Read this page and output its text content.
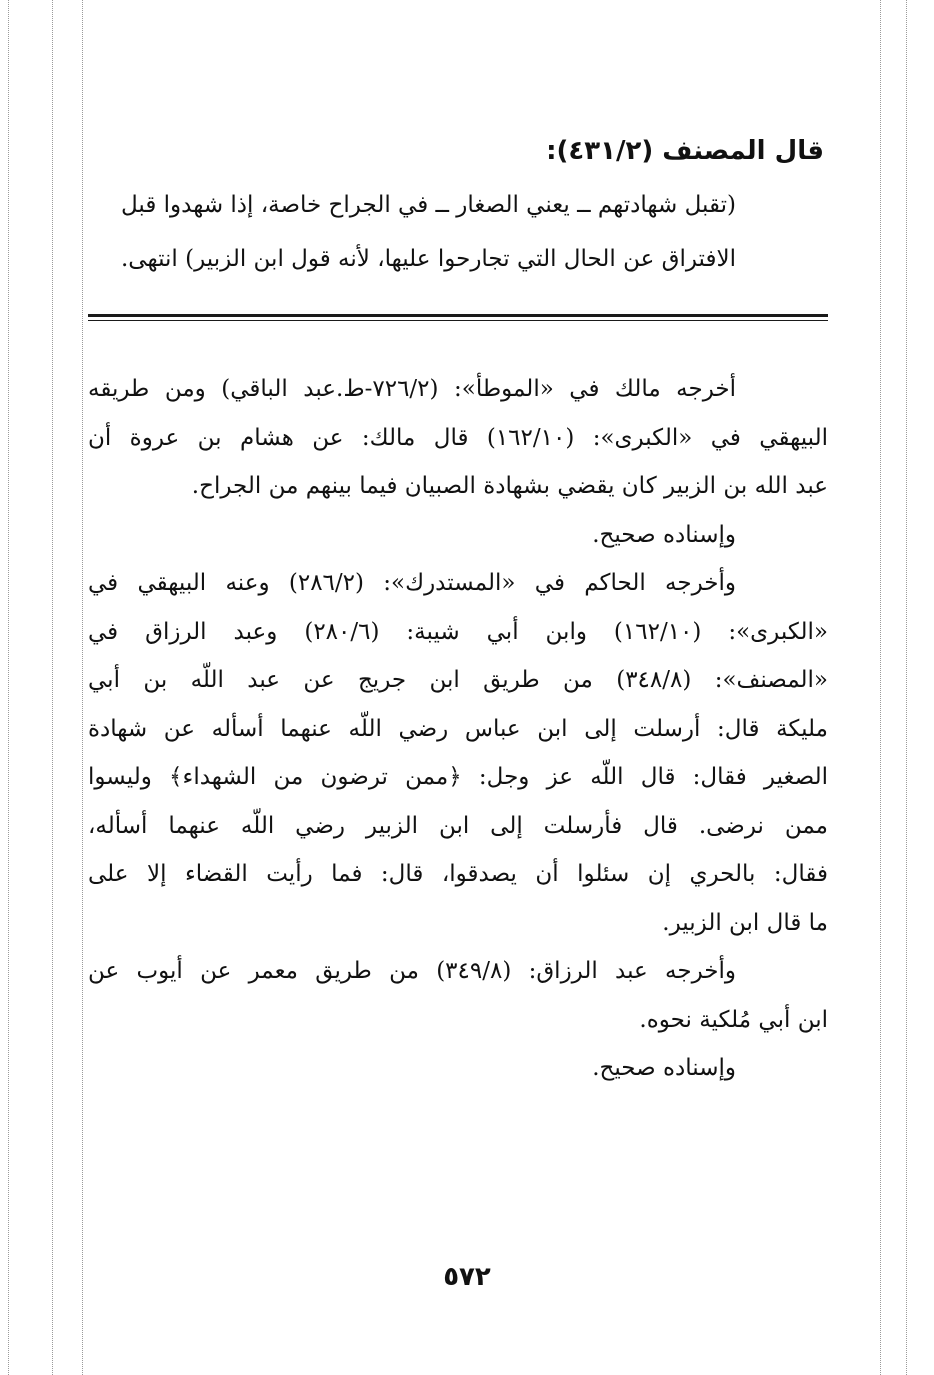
قال المصنف (٤٣١/٢):

(تقبل شهادتهم ــ يعني الصغار ــ في الجراح خاصة، إذا شهدوا قبل
الافتراق عن الحال التي تجارحوا عليها، لأنه قول ابن الزبير) انتهى.

أخرجه مالك في «الموطأ»: (٧٢٦/٢-ط.عبد الباقي) ومن طريقه
البيهقي في «الكبرى»: (١٦٢/١٠) قال مالك: عن هشام بن عروة أن
عبد الله بن الزبير كان يقضي بشهادة الصبيان فيما بينهم من الجراح.

وإسناده صحيح.

وأخرجه الحاكم في «المستدرك»: (٢٨٦/٢) وعنه البيهقي في
«الكبرى»: (١٦٢/١٠) وابن أبي شيبة: (٢٨٠/٦) وعبد الرزاق في
«المصنف»: (٣٤٨/٨) من طريق ابن جريج عن عبد اللّه بن أبي
مليكة قال: أرسلت إلى ابن عباس رضي اللّه عنهما أسأله عن شهادة
الصغير فقال: قال اللّه عز وجل: ﴿ممن ترضون من الشهداء﴾ وليسوا
ممن نرضى. قال فأرسلت إلى ابن الزبير رضي اللّه عنهما أسأله،
فقال: بالحري إن سئلوا أن يصدقوا، قال: فما رأيت القضاء إلا على
ما قال ابن الزبير.

وأخرجه عبد الرزاق: (٣٤٩/٨) من طريق معمر عن أيوب عن
ابن أبي مُلكية نحوه.

وإسناده صحيح.

٥٧٢
